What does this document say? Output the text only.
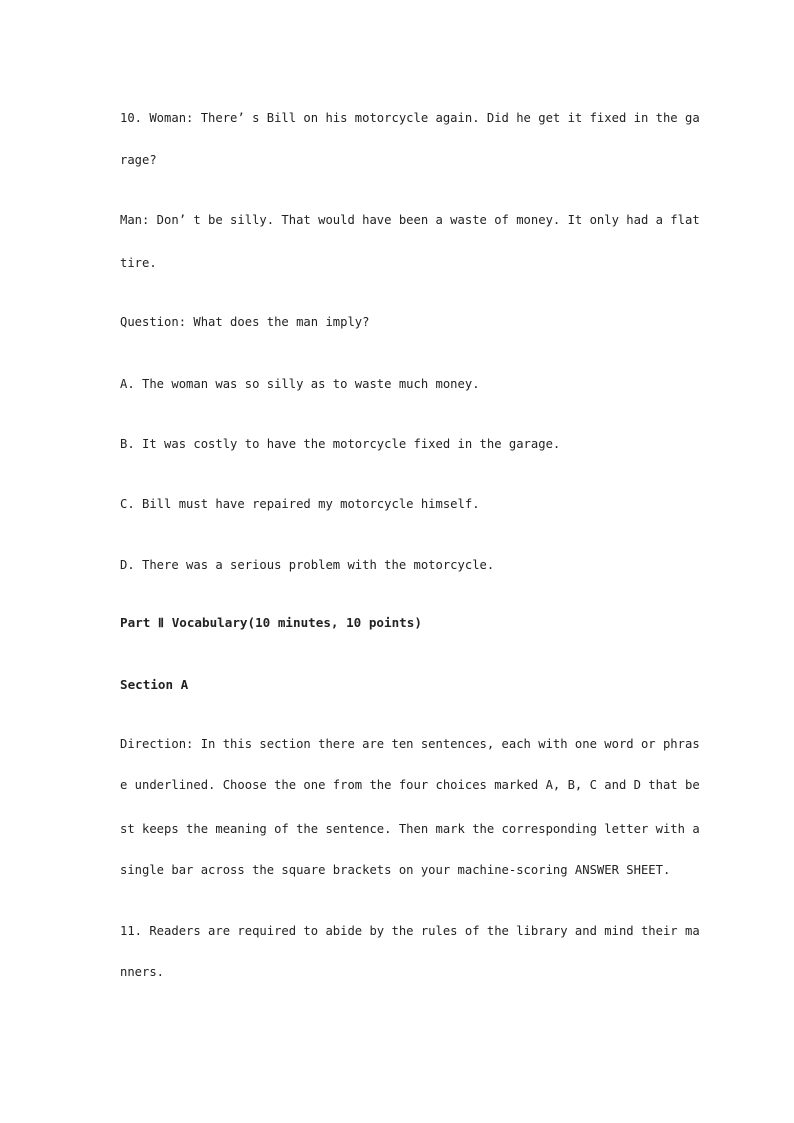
10. Woman: There’ s Bill on his motorcycle again. Did he get it fixed in the ga
rage?
Man: Don’ t be silly. That would have been a waste of money. It only had a flat
tire.
Question: What does the man imply?
A. The woman was so silly as to waste much money.
B. It was costly to have the motorcycle fixed in the garage.
C. Bill must have repaired my motorcycle himself.
D. There was a serious problem with the motorcycle.
Part Ⅱ Vocabulary(10 minutes, 10 points)
Section A
Direction: In this section there are ten sentences, each with one word or phras
e underlined. Choose the one from the four choices marked A, B, C and D that be
st keeps the meaning of the sentence. Then mark the corresponding letter with a
single bar across the square brackets on your machine-scoring ANSWER SHEET.
11. Readers are required to abide by the rules of the library and mind their ma
nners.
